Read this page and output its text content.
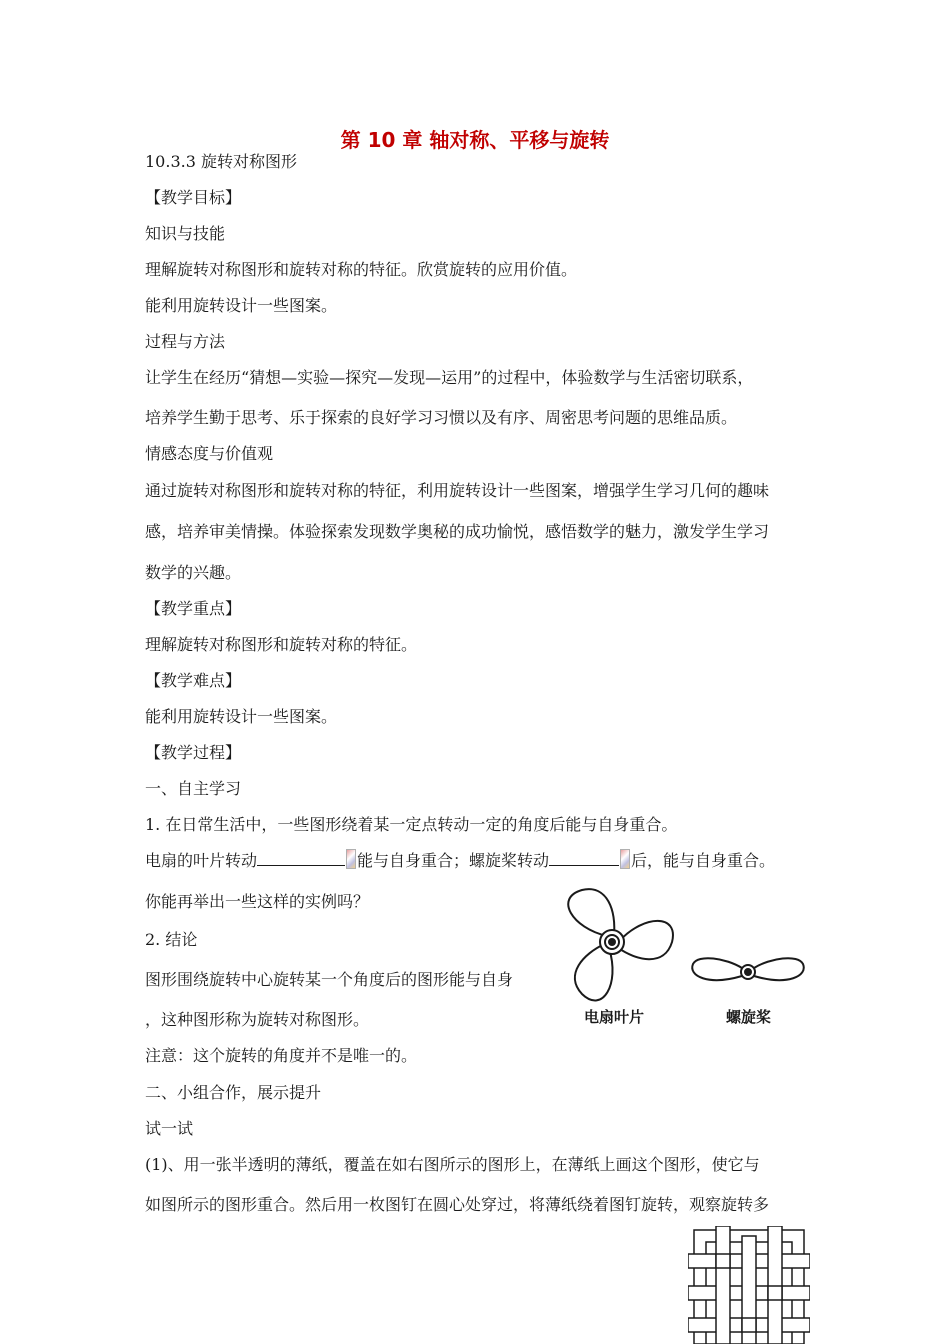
第 10 章 轴对称、平移与旋转
10.3.3 旋转对称图形
【教学目标】
知识与技能
理解旋转对称图形和旋转对称的特征。欣赏旋转的应用价值。
能利用旋转设计一些图案。
过程与方法
让学生在经历“猜想—实验—探究—发现—运用”的过程中，体验数学与生活密切联系，
培养学生勤于思考、乐于探索的良好学习习惯以及有序、周密思考问题的思维品质。
情感态度与价值观
通过旋转对称图形和旋转对称的特征，利用旋转设计一些图案，增强学生学习几何的趣味
感，培养审美情操。体验探索发现数学奥秘的成功愉悦，感悟数学的魅力，激发学生学习
数学的兴趣。
【教学重点】
理解旋转对称图形和旋转对称的特征。
【教学难点】
能利用旋转设计一些图案。
【教学过程】
一、自主学习
1. 在日常生活中，一些图形绕着某一定点转动一定的角度后能与自身重合。
电扇的叶片转动	能与自身重合；螺旋桨转动	后，能与自身重合。
你能再举出一些这样的实例吗？
2. 结论
图形围绕旋转中心旋转某一个角度后的图形能与自身
，这种图形称为旋转对称图形。
注意：这个旋转的角度并不是唯一的。
二、小组合作，展示提升
试一试
(1)、用一张半透明的薄纸，覆盖在如右图所示的图形上，在薄纸上画这个图形，使它与
如图所示的图形重合。然后用一枚图钉在圆心处穿过，将薄纸绕着图钉旋转，观察旋转多
电扇叶片	螺旋桨
